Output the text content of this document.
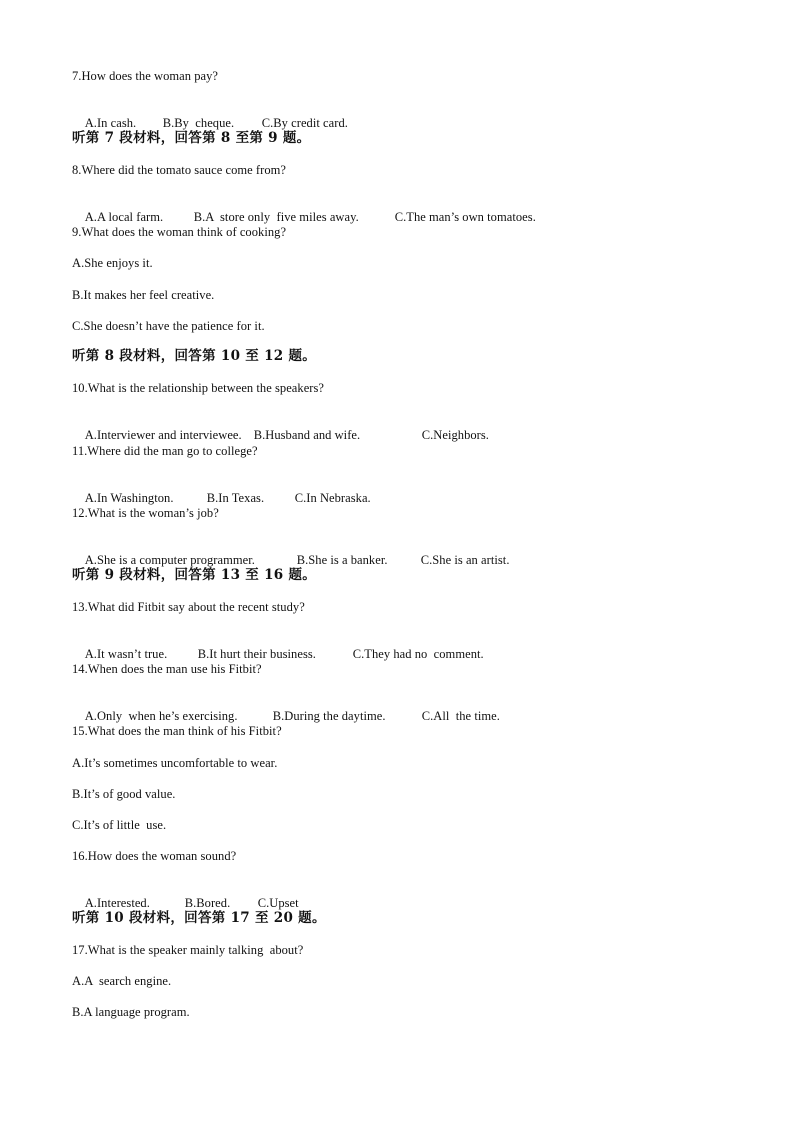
7.How does the woman pay?

A.In cash. B.By  cheque. C.By credit card.

听第 7 段材料，回答第 8 至第 9 题。
8.Where did the tomato sauce come from?

A.A local farm. B.A  store only  five miles away.	C.The man’s own tomatoes.

9.What does the woman think of cooking?
A.She enjoys it.
B.It makes her feel creative.
C.She doesn’t have the patience for it.
听第 8 段材料，回答第 10 至 12 题。
10.What is the relationship between the speakers?

A.Interviewer and interviewee. B.Husband and wife.	C.Neighbors.

11.Where did the man go to college?

A.In Washington.	B.In Texas. C.In Nebraska.

12.What is the woman’s job?

A.She is a computer programmer.	B.She is a banker.	C.She is an artist.

听第 9 段材料，回答第 13 至 16 题。
13.What did Fitbit say about the recent study?

A.It wasn’t true. B.It hurt their business.	C.They had no  comment.

14.When does the man use his Fitbit?

A.Only  when he’s exercising.	B.During the daytime.	C.All  the time.

15.What does the man think of his Fitbit?
A.It’s sometimes uncomfortable to wear.
B.It’s of good value.
C.It’s of little  use.
16.How does the woman sound?

A.Interested.	B.Bored. C.Upset

听第 10 段材料，回答第 17 至 20 题。
17.What is the speaker mainly talking  about?
A.A  search engine.
B.A language program.
